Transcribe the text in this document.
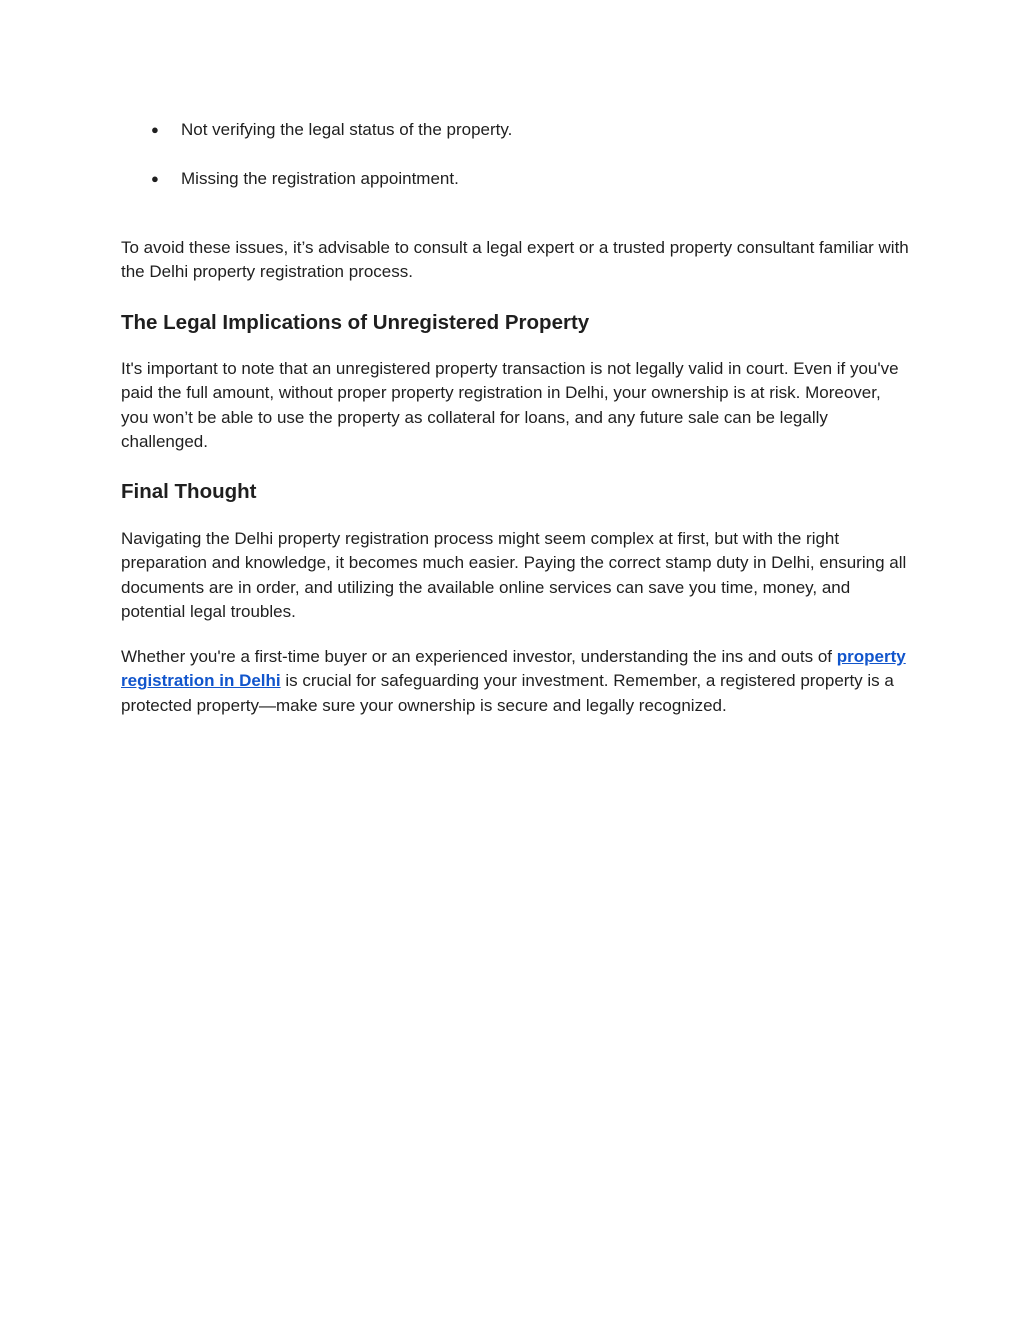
● Not verifying the legal status of the property.
● Missing the registration appointment.

To avoid these issues, it’s advisable to consult a legal expert or a trusted property consultant familiar with the Delhi property registration process.

The Legal Implications of Unregistered Property

It's important to note that an unregistered property transaction is not legally valid in court. Even if you've paid the full amount, without proper property registration in Delhi, your ownership is at risk. Moreover, you won’t be able to use the property as collateral for loans, and any future sale can be legally challenged.

Final Thought

Navigating the Delhi property registration process might seem complex at first, but with the right preparation and knowledge, it becomes much easier. Paying the correct stamp duty in Delhi, ensuring all documents are in order, and utilizing the available online services can save you time, money, and potential legal troubles.

Whether you're a first-time buyer or an experienced investor, understanding the ins and outs of property registration in Delhi is crucial for safeguarding your investment. Remember, a registered property is a protected property—make sure your ownership is secure and legally recognized.
